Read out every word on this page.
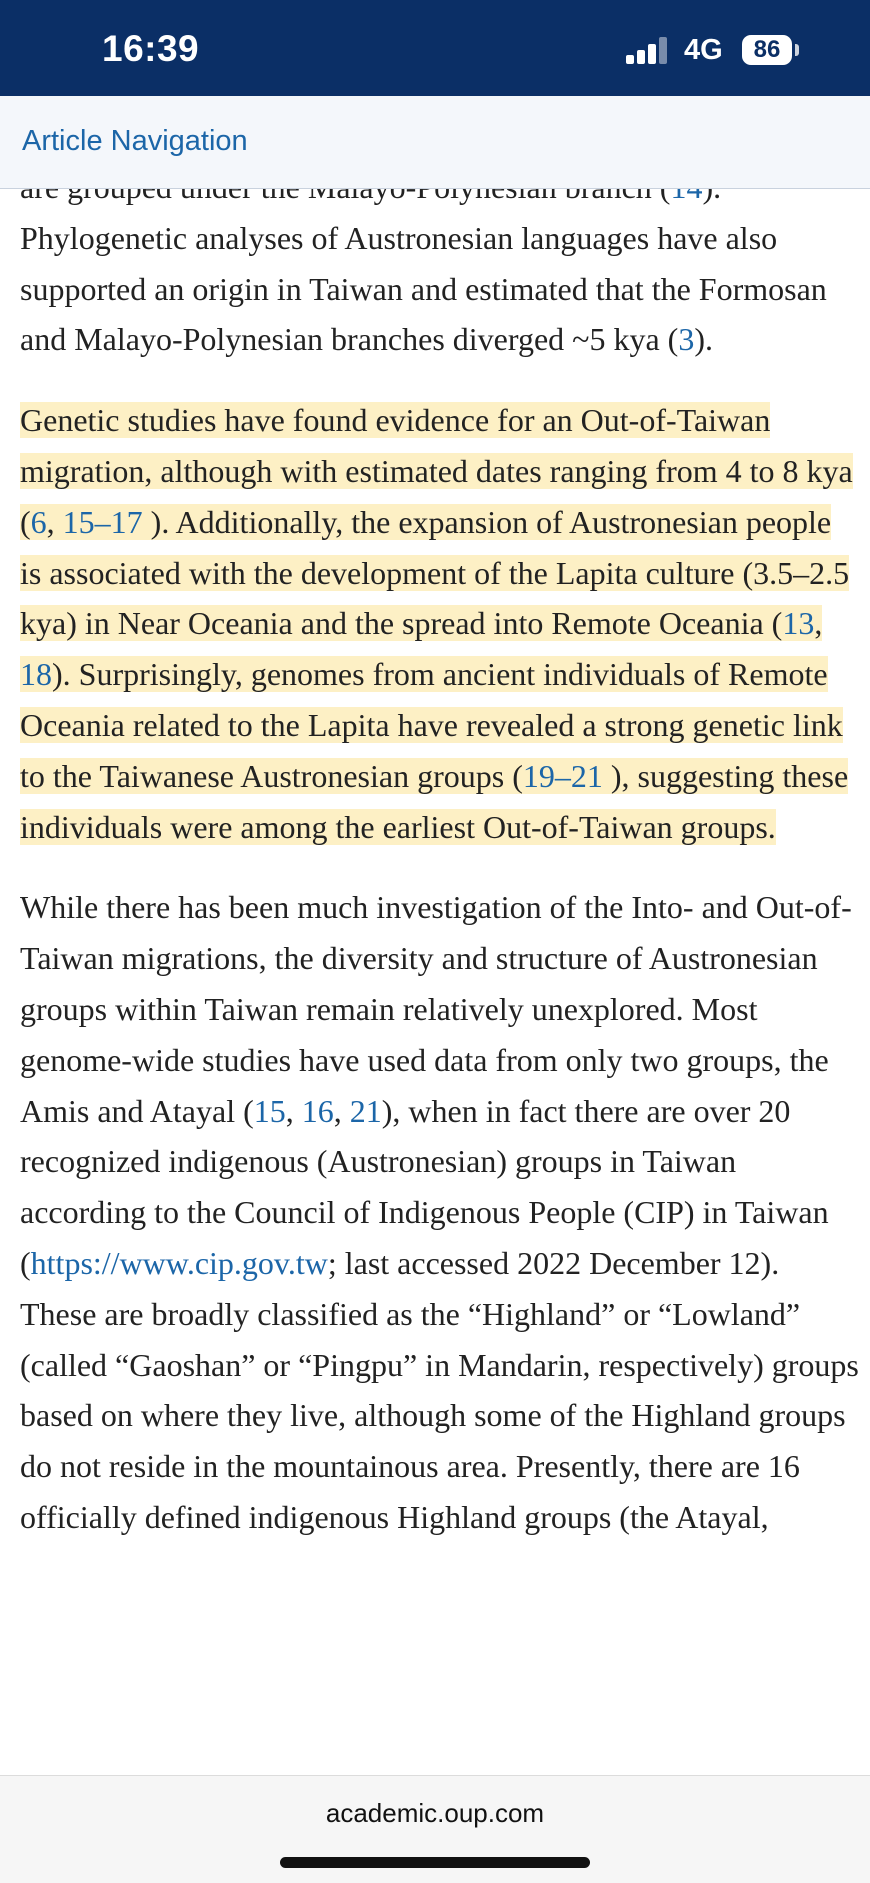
16:39	4G	86
Article Navigation

Phylogenetic analyses of Austronesian languages have also supported an origin in Taiwan and estimated that the Formosan and Malayo-Polynesian branches diverged ~5 kya (3).

Genetic studies have found evidence for an Out-of-Taiwan migration, although with estimated dates ranging from 4 to 8 kya (6, 15–17 ). Additionally, the expansion of Austronesian people is associated with the development of the Lapita culture (3.5–2.5 kya) in Near Oceania and the spread into Remote Oceania (13, 18). Surprisingly, genomes from ancient individuals of Remote Oceania related to the Lapita have revealed a strong genetic link to the Taiwanese Austronesian groups (19–21 ), suggesting these individuals were among the earliest Out-of-Taiwan groups.

While there has been much investigation of the Into- and Out-of-Taiwan migrations, the diversity and structure of Austronesian groups within Taiwan remain relatively unexplored. Most genome-wide studies have used data from only two groups, the Amis and Atayal (15, 16, 21), when in fact there are over 20 recognized indigenous (Austronesian) groups in Taiwan according to the Council of Indigenous People (CIP) in Taiwan (https://www.cip.gov.tw; last accessed 2022 December 12). These are broadly classified as the “Highland” or “Lowland” (called “Gaoshan” or “Pingpu” in Mandarin, respectively) groups based on where they live, although some of the Highland groups do not reside in the mountainous area. Presently, there are 16 officially defined indigenous Highland groups (the Atayal,

academic.oup.com
